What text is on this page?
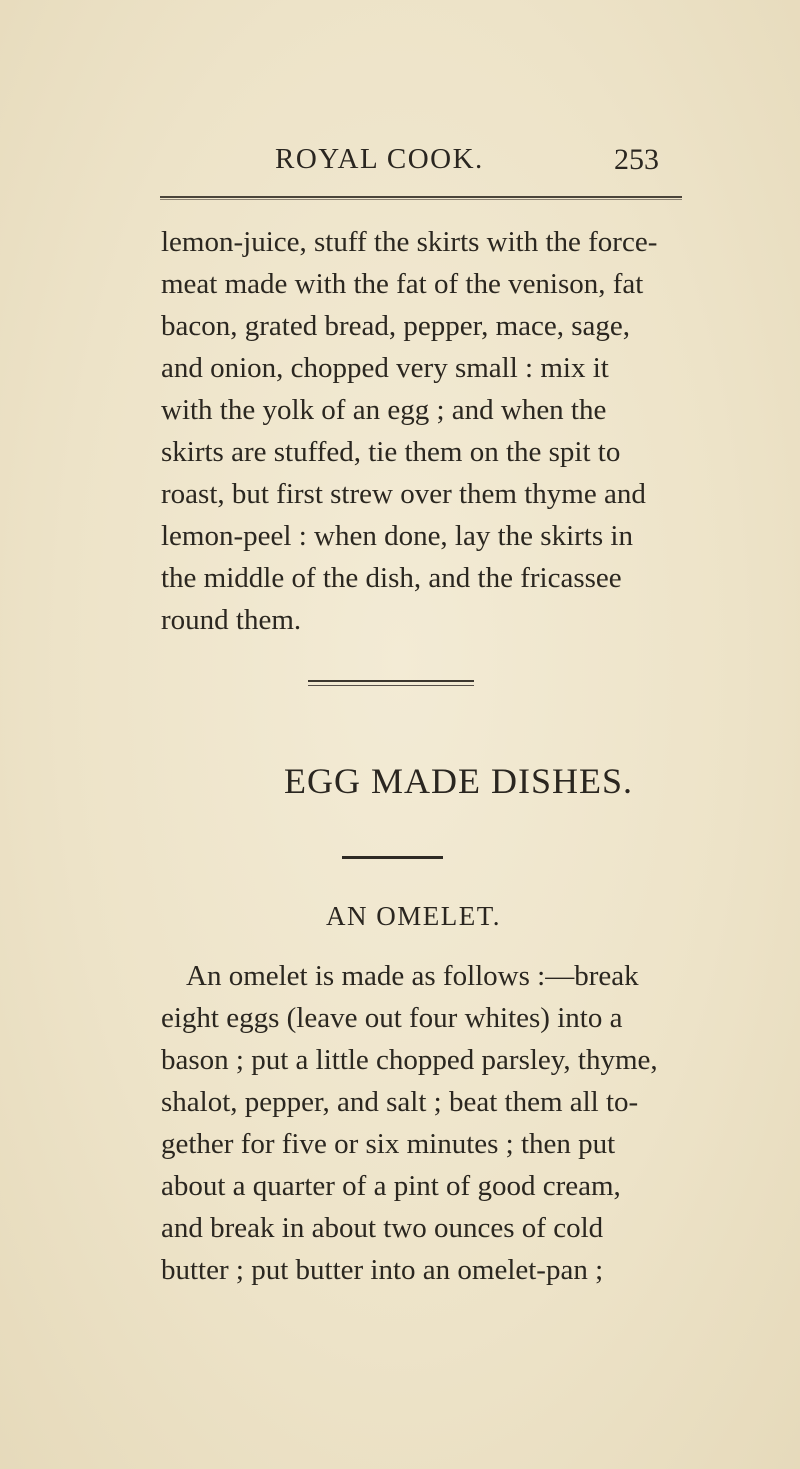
ROYAL COOK.	253
lemon-juice, stuff the skirts with the force-
meat made with the fat of the venison, fat
bacon, grated bread, pepper, mace, sage,
and onion, chopped very small : mix it
with the yolk of an egg ; and when the
skirts are stuffed, tie them on the spit to
roast, but first strew over them thyme and
lemon-peel : when done, lay the skirts in
the middle of the dish, and the fricassee
round them.
EGG MADE DISHES.
AN OMELET.
An omelet is made as follows :—break
eight eggs (leave out four whites) into a
bason ; put a little chopped parsley, thyme,
shalot, pepper, and salt ; beat them all to-
gether for five or six minutes ; then put
about a quarter of a pint of good cream,
and break in about two ounces of cold
butter ; put butter into an omelet-pan ;
